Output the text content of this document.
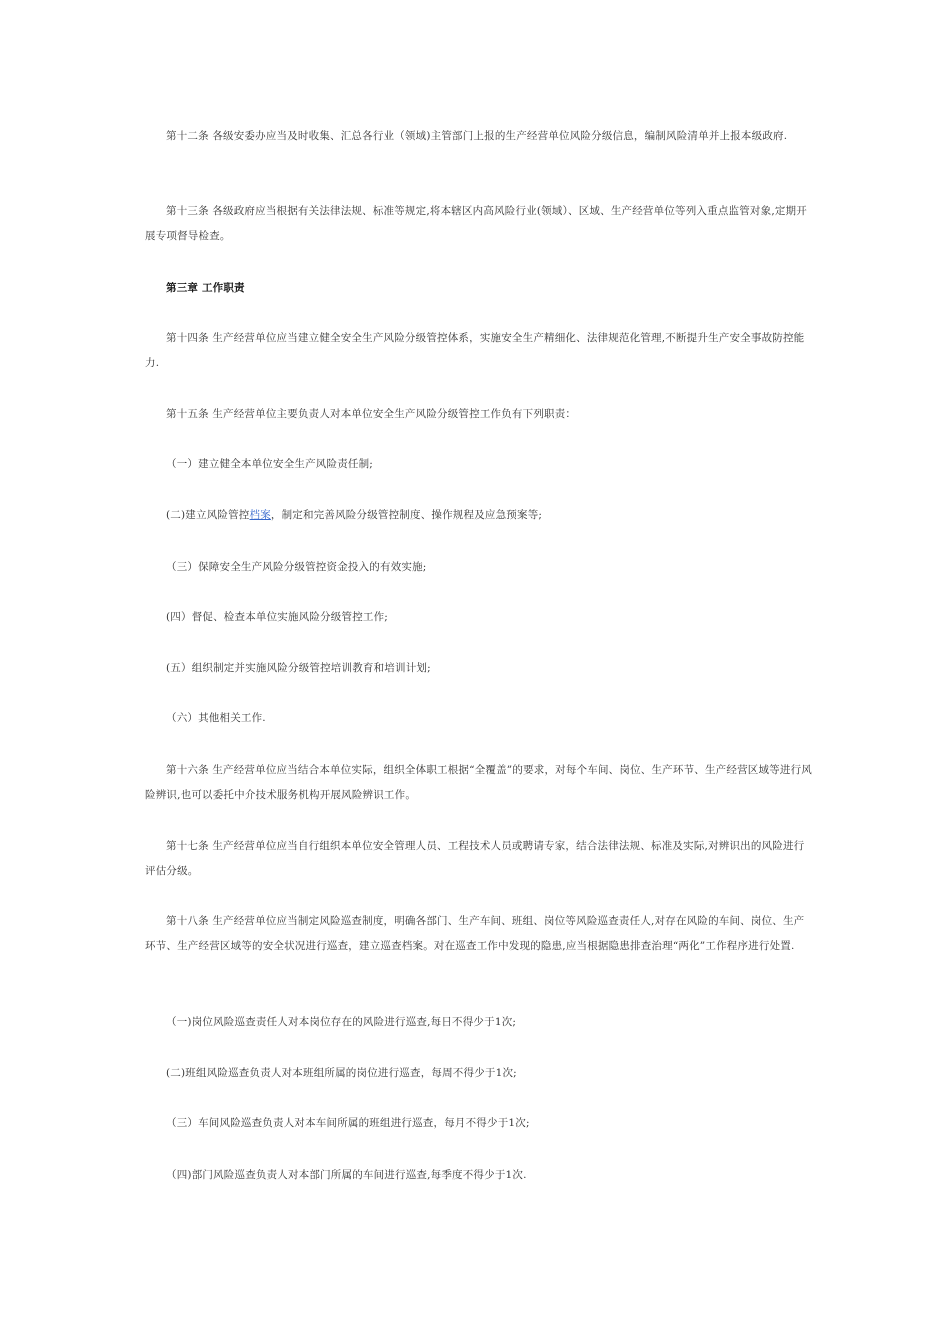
第十二条 各级安委办应当及时收集、汇总各行业（领域)主管部门上报的生产经营单位风险分级信息，编制风险清单并上报本级政府.

第十三条 各级政府应当根据有关法律法规、标准等规定,将本辖区内高风险行业(领域）、区域、生产经营单位等列入重点监管对象,定期开展专项督导检查。

第三章 工作职责

第十四条 生产经营单位应当建立健全安全生产风险分级管控体系，实施安全生产精细化、法律规范化管理,不断提升生产安全事故防控能力.

第十五条 生产经营单位主要负责人对本单位安全生产风险分级管控工作负有下列职责：

（一）建立健全本单位安全生产风险责任制;

(二)建立风险管控档案，制定和完善风险分级管控制度、操作规程及应急预案等;

（三）保障安全生产风险分级管控资金投入的有效实施;

(四）督促、检查本单位实施风险分级管控工作;

(五）组织制定并实施风险分级管控培训教育和培训计划;

（六）其他相关工作.

第十六条 生产经营单位应当结合本单位实际，组织全体职工根据“全覆盖”的要求，对每个车间、岗位、生产环节、生产经营区域等进行风险辨识,也可以委托中介技术服务机构开展风险辨识工作。

第十七条 生产经营单位应当自行组织本单位安全管理人员、工程技术人员或聘请专家，结合法律法规、标准及实际,对辨识出的风险进行评估分级。

第十八条 生产经营单位应当制定风险巡查制度，明确各部门、生产车间、班组、岗位等风险巡查责任人,对存在风险的车间、岗位、生产环节、生产经营区域等的安全状况进行巡查，建立巡查档案。对在巡查工作中发现的隐患,应当根据隐患排查治理“两化”工作程序进行处置.

（一)岗位风险巡查责任人对本岗位存在的风险进行巡查,每日不得少于1次;

(二)班组风险巡查负责人对本班组所属的岗位进行巡查，每周不得少于1次;

（三）车间风险巡查负责人对本车间所属的班组进行巡查，每月不得少于1次;

（四)部门风险巡查负责人对本部门所属的车间进行巡查,每季度不得少于1次.
